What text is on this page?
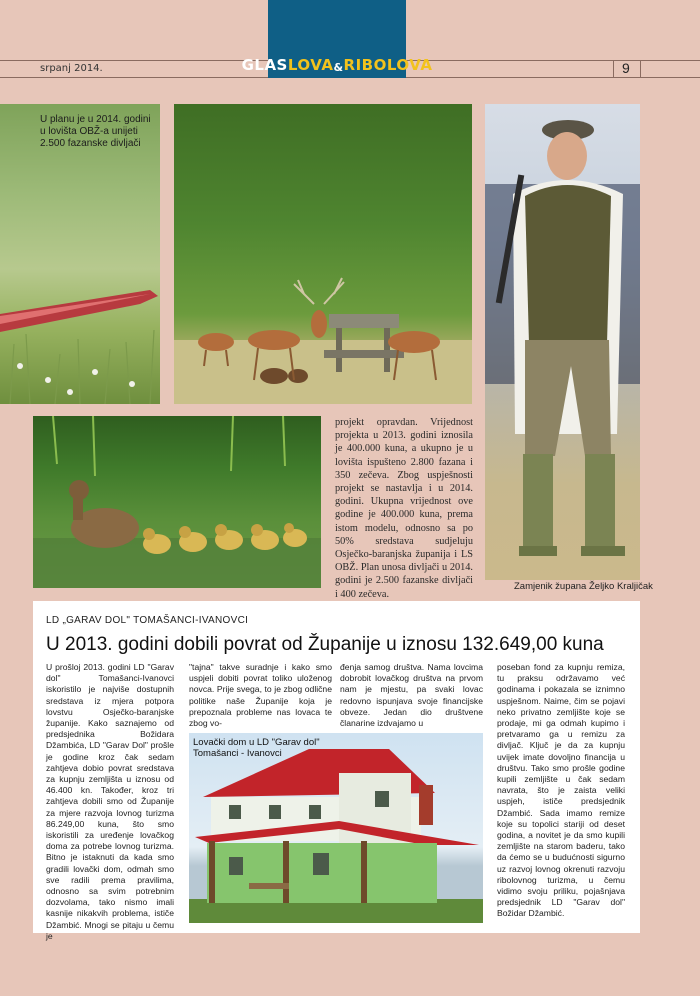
GLAS LOVA & RIBOLOVA
srpanj 2014.	9
U planu je u 2014. godini u lovišta OBŽ-a unijeti 2.500 fazanske divljači
Zamjenik župana Željko Kraljičak
projekt opravdan. Vrijednost projekta u 2013. godini iznosila je 400.000 kuna, a ukupno je u lovišta ispušteno 2.800 fazana i 350 zečeva. Zbog uspješnosti projekt se nastavlja i u 2014. godini. Ukupna vrijednost ove godine je 400.000 kuna, prema istom modelu, odnosno sa po 50% sredstava sudjeluju Osječko-baranjska županija i LS OBŽ. Plan unosa divljači u 2014. godini je 2.500 fazanske divljači i 400 zečeva.
LD „GARAV DOL" TOMAŠANCI-IVANOVCI
U 2013. godini dobili povrat od Županije u iznosu 132.649,00 kuna
U prošloj 2013. godini LD "Garav dol" Tomašanci-Ivanovci iskoristilo je najviše dostupnih sredstava iz mjera potpora lovstvu Osječko-baranjske županije. Kako saznajemo od predsjednika Božidara Džambića, LD "Garav Dol" prošle je godine kroz čak sedam zahtjeva dobio povrat sredstava za kupnju zemljišta u iznosu od 46.400 kn. Također, kroz tri zahtjeva dobili smo od Županije za mjere razvoja lovnog turizma 86.249,00 kuna, što smo iskoristili za uređenje lovačkog doma za potrebe lovnog turizma. Bitno je istaknuti da kada smo gradili lovački dom, odmah smo sve radili prema pravilima, odnosno sa svim potrebnim dozvolama, tako nismo imali kasnije nikakvih problema, ističe Džambić. Mnogi se pitaju u čemu je
"tajna" takve suradnje i kako smo uspjeli dobiti povrat toliko uloženog novca. Prije svega, to je zbog odlične politike naše Županije koja je prepoznala probleme nas lovaca te zbog vo-
đenja samog društva. Nama lovcima dobrobit lovačkog društva na prvom nam je mjestu, pa svaki lovac redovno ispunjava svoje financijske obveze. Jedan dio društvene članarine izdvajamo u
poseban fond za kupnju remiza, tu praksu održavamo već godinama i pokazala se iznimno uspješnom. Naime, čim se pojavi neko privatno zemljište koje se prodaje, mi ga odmah kupimo i pretvaramo ga u remizu za divljač. Ključ je da za kupnju uvijek imate dovoljno financija u društvu. Tako smo prošle godine kupili zemljište u čak sedam navrata, što je zaista veliki uspjeh, ističe predsjednik Džambić. Sada imamo remize koje su topolici stariji od deset godina, a novitet je da smo kupili zemljište na starom baderu, tako da ćemo se u budućnosti sigurno uz razvoj lovnog okrenuti razvoju ribolovnog turizma, u čemu vidimo svoju priliku, pojašnjava predsjednik LD "Garav dol" Božidar Džambić.
Lovački dom u LD "Garav dol"
Tomašanci - Ivanovci
